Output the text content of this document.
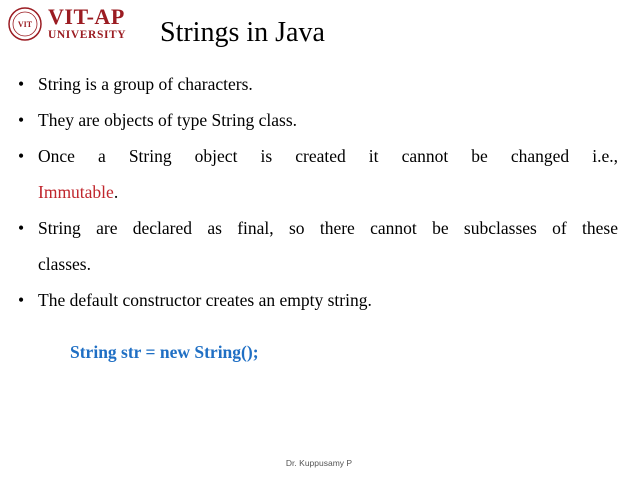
VIT VIT-AP
UNIVERSITY Strings in Java
• String is a group of characters.
• They are objects of type String class.
• Once a String object is created it cannot be changed i.e.,
Immutable.
• String are declared as final, so there cannot be subclasses of these
classes.
• The default constructor creates an empty string.
String str = new String();
Dr. Kuppusamy P
